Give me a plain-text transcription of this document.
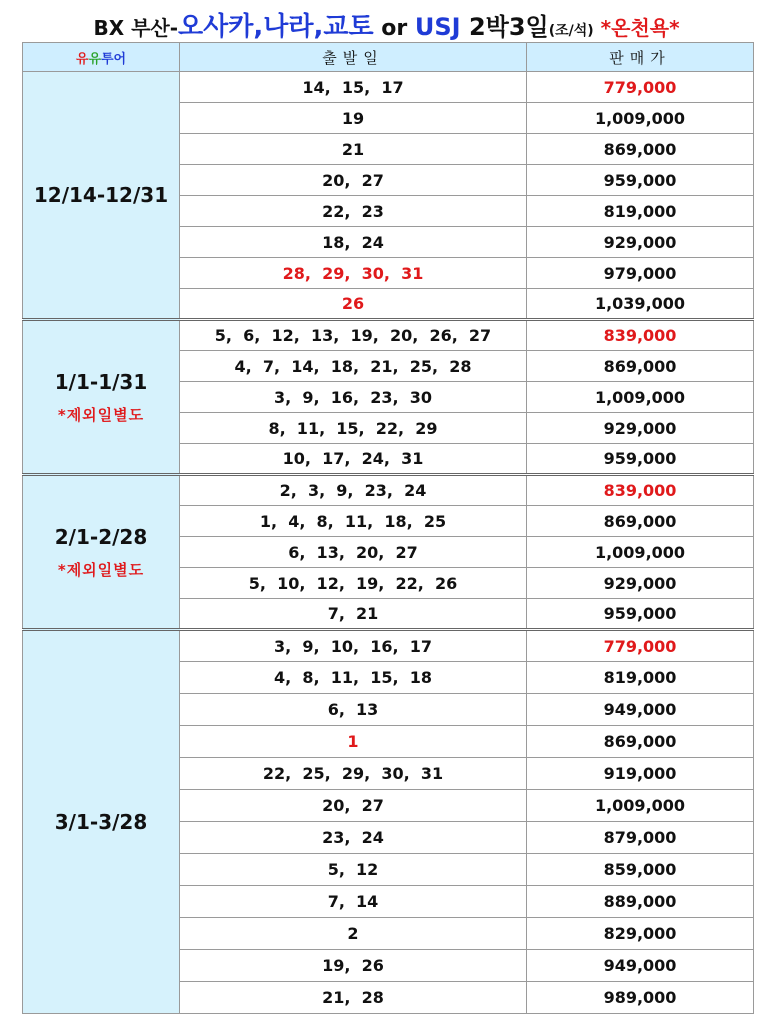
BX 부산-오사카,나라,교토 or USJ 2박3일(조/석) *온천욕*
유유투어	출발일	판매가
12/14-12/31	14,  15,  17	779,000
	19	1,009,000
	21	869,000
	20,  27	959,000
	22,  23	819,000
	18,  24	929,000
	28,  29,  30,  31	979,000
	26	1,039,000
1/1-1/31
*제외일별도	5,  6,  12,  13,  19,  20,  26,  27	839,000
	4,  7,  14,  18,  21,  25,  28	869,000
	3,  9,  16,  23,  30	1,009,000
	8,  11,  15,  22,  29	929,000
	10,  17,  24,  31	959,000
2/1-2/28
*제외일별도	2,  3,  9,  23,  24	839,000
	1,  4,  8,  11,  18,  25	869,000
	6,  13,  20,  27	1,009,000
	5,  10,  12,  19,  22,  26	929,000
	7,  21	959,000
3/1-3/28	3,  9,  10,  16,  17	779,000
	4,  8,  11,  15,  18	819,000
	6,  13	949,000
	1	869,000
	22,  25,  29,  30,  31	919,000
	20,  27	1,009,000
	23,  24	879,000
	5,  12	859,000
	7,  14	889,000
	2	829,000
	19,  26	949,000
	21,  28	989,000
